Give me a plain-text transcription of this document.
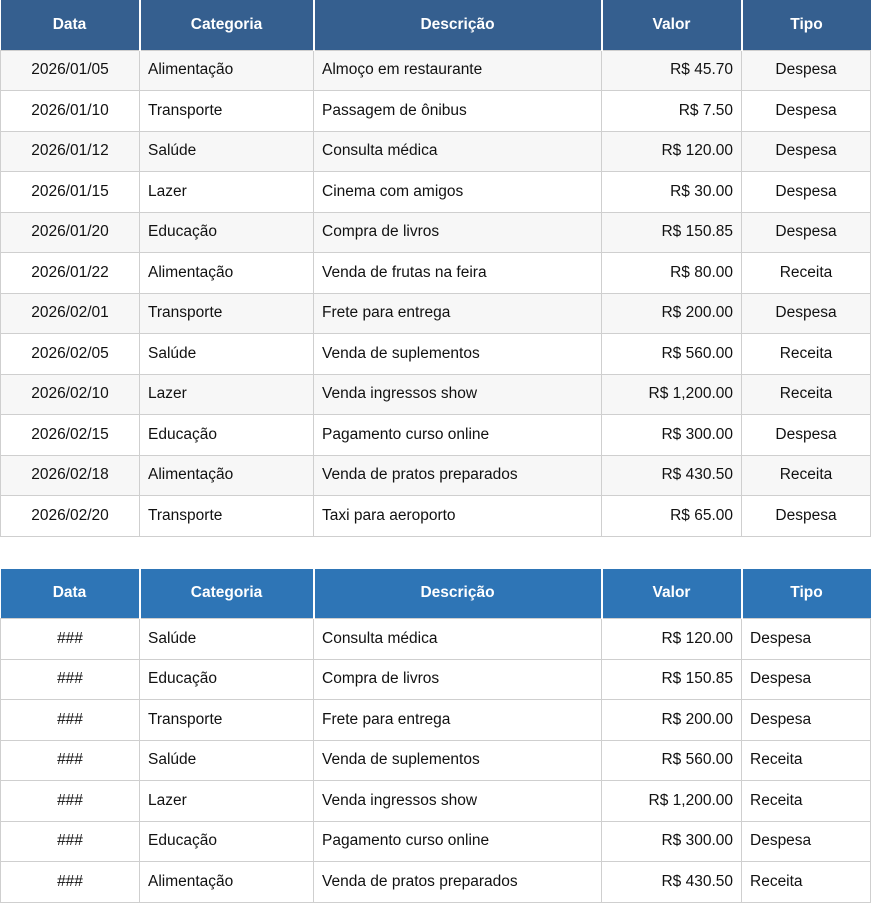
Data	Categoria	Descrição	Valor	Tipo
2026/01/05	Alimentação	Almoço em restaurante	R$ 45.70	Despesa
2026/01/10	Transporte	Passagem de ônibus	R$ 7.50	Despesa
2026/01/12	Salúde	Consulta médica	R$ 120.00	Despesa
2026/01/15	Lazer	Cinema com amigos	R$ 30.00	Despesa
2026/01/20	Educação	Compra de livros	R$ 150.85	Despesa
2026/01/22	Alimentação	Venda de frutas na feira	R$ 80.00	Receita
2026/02/01	Transporte	Frete para entrega	R$ 200.00	Despesa
2026/02/05	Salúde	Venda de suplementos	R$ 560.00	Receita
2026/02/10	Lazer	Venda ingressos show	R$ 1,200.00	Receita
2026/02/15	Educação	Pagamento curso online	R$ 300.00	Despesa
2026/02/18	Alimentação	Venda de pratos preparados	R$ 430.50	Receita
2026/02/20	Transporte	Taxi para aeroporto	R$ 65.00	Despesa
Data	Categoria	Descrição	Valor	Tipo
###	Salúde	Consulta médica	R$ 120.00	Despesa
###	Educação	Compra de livros	R$ 150.85	Despesa
###	Transporte	Frete para entrega	R$ 200.00	Despesa
###	Salúde	Venda de suplementos	R$ 560.00	Receita
###	Lazer	Venda ingressos show	R$ 1,200.00	Receita
###	Educação	Pagamento curso online	R$ 300.00	Despesa
###	Alimentação	Venda de pratos preparados	R$ 430.50	Receita
